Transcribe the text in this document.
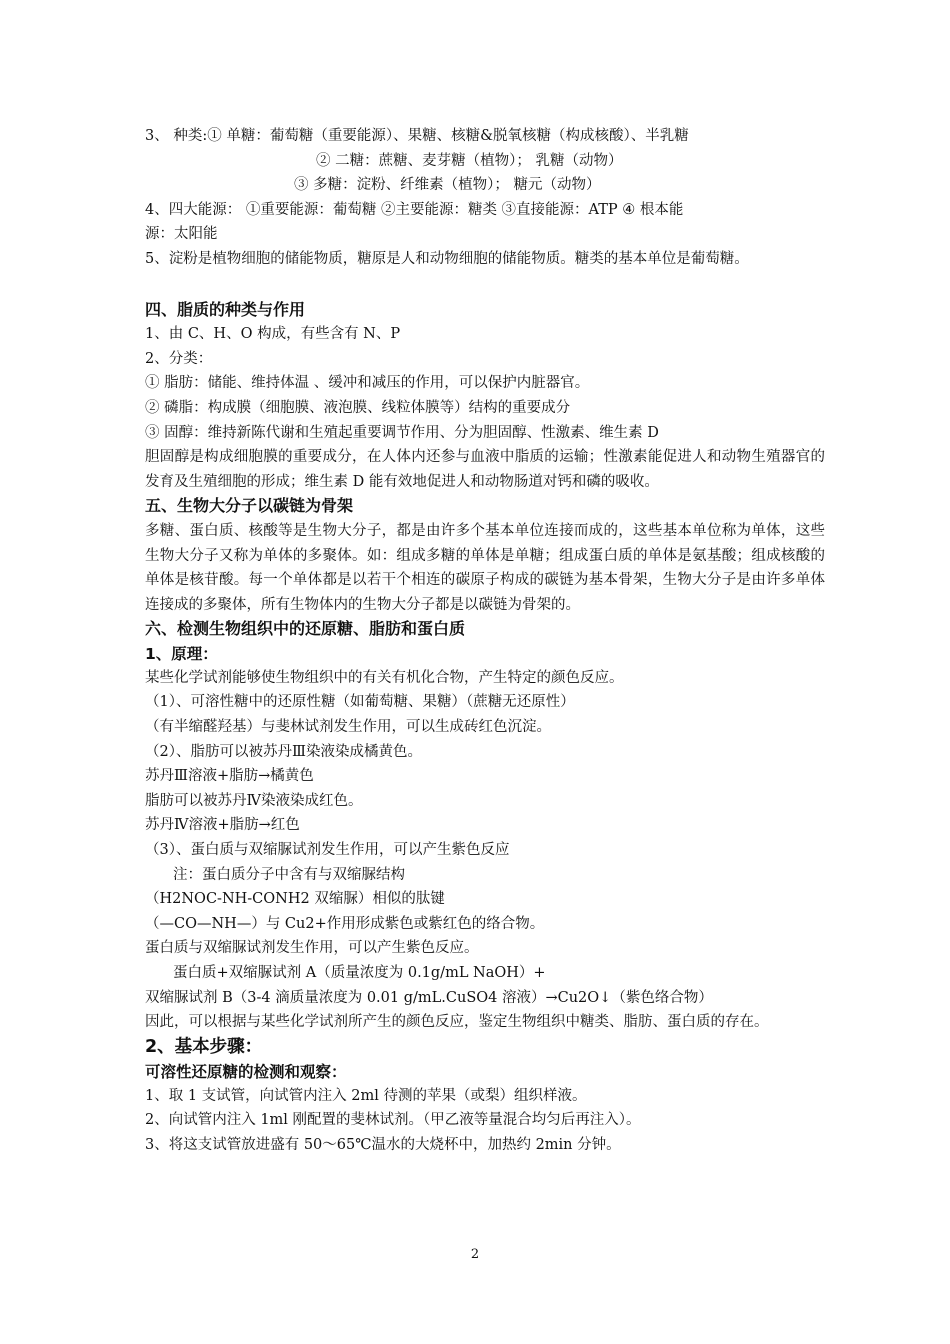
3、 种类:① 单糖：葡萄糖（重要能源）、果糖、核糖&脱氧核糖（构成核酸）、半乳糖
② 二糖：蔗糖、麦芽糖（植物）； 乳糖（动物）
③ 多糖：淀粉、纤维素（植物）； 糖元（动物）
4、四大能源： ①重要能源：葡萄糖 ②主要能源：糖类 ③直接能源：ATP ④ 根本能
源：太阳能
5、淀粉是植物细胞的储能物质，糖原是人和动物细胞的储能物质。糖类的基本单位是葡萄糖。
四、脂质的种类与作用
1、由 C、H、O 构成，有些含有 N、P
2、分类：
① 脂肪：储能、维持体温 、缓冲和减压的作用，可以保护内脏器官。
② 磷脂：构成膜（细胞膜、液泡膜、线粒体膜等）结构的重要成分
③ 固醇：维持新陈代谢和生殖起重要调节作用、分为胆固醇、性激素、维生素 D
胆固醇是构成细胞膜的重要成分，在人体内还参与血液中脂质的运输；性激素能促进人和动物生殖器官的发育及生殖细胞的形成；维生素 D 能有效地促进人和动物肠道对钙和磷的吸收。
五、生物大分子以碳链为骨架
多糖、蛋白质、核酸等是生物大分子，都是由许多个基本单位连接而成的，这些基本单位称为单体，这些生物大分子又称为单体的多聚体。如：组成多糖的单体是单糖；组成蛋白质的单体是氨基酸；组成核酸的单体是核苷酸。每一个单体都是以若干个相连的碳原子构成的碳链为基本骨架，生物大分子是由许多单体连接成的多聚体，所有生物体内的生物大分子都是以碳链为骨架的。
六、检测生物组织中的还原糖、脂肪和蛋白质
1、原理：
某些化学试剂能够使生物组织中的有关有机化合物，产生特定的颜色反应。
（1）、可溶性糖中的还原性糖（如葡萄糖、果糖）（蔗糖无还原性）
（有半缩醛羟基）与斐林试剂发生作用，可以生成砖红色沉淀。
（2）、脂肪可以被苏丹Ⅲ染液染成橘黄色。
苏丹Ⅲ溶液+脂肪→橘黄色
脂肪可以被苏丹Ⅳ染液染成红色。
苏丹Ⅳ溶液+脂肪→红色
（3）、蛋白质与双缩脲试剂发生作用，可以产生紫色反应
注：蛋白质分子中含有与双缩脲结构
（H2NOC-NH-CONH2 双缩脲）相似的肽键
（—CO—NH—）与 Cu2+作用形成紫色或紫红色的络合物。
蛋白质与双缩脲试剂发生作用，可以产生紫色反应。
蛋白质+双缩脲试剂 A（质量浓度为 0.1g/mL NaOH）+
双缩脲试剂 B（3-4 滴质量浓度为 0.01 g/mL.CuSO4 溶液）→Cu2O↓（紫色络合物）
因此，可以根据与某些化学试剂所产生的颜色反应，鉴定生物组织中糖类、脂肪、蛋白质的存在。
2、基本步骤：
可溶性还原糖的检测和观察：
1、取 1 支试管，向试管内注入 2ml 待测的苹果（或梨）组织样液。
2、向试管内注入 1ml 刚配置的斐林试剂。（甲乙液等量混合均匀后再注入）。
3、将这支试管放进盛有 50～65℃温水的大烧杯中，加热约 2min 分钟。
2
